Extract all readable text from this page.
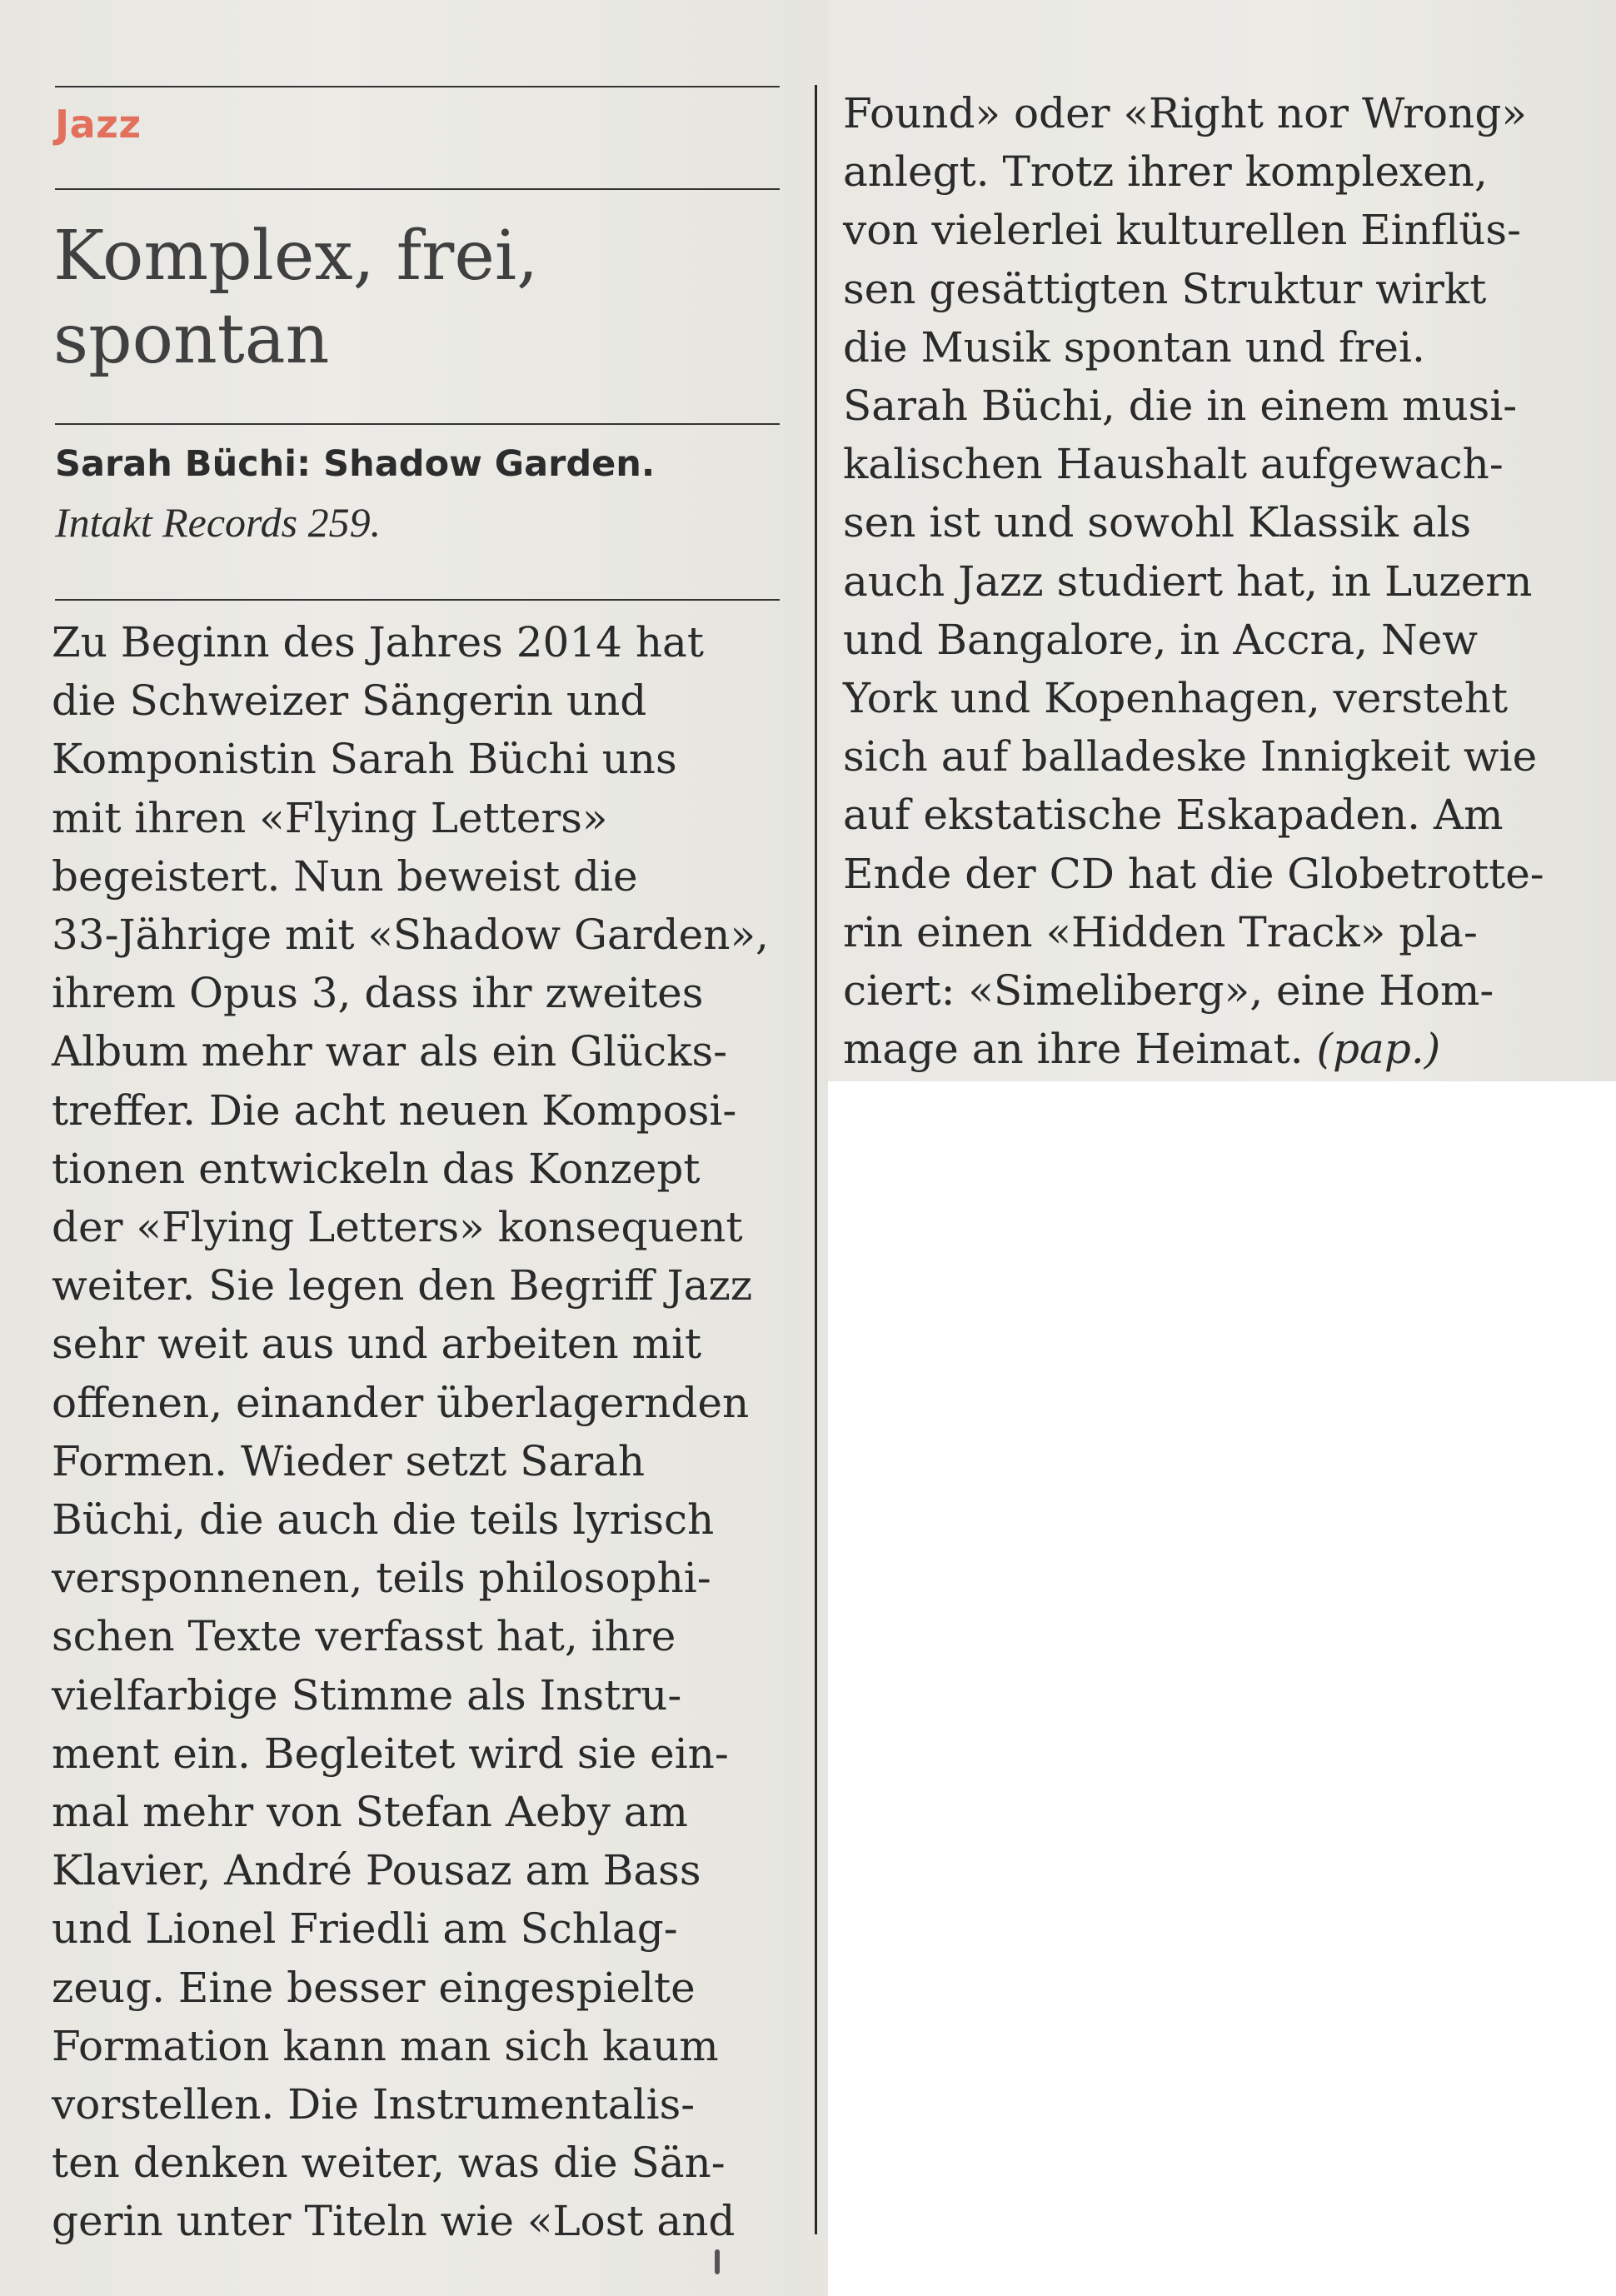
Jazz
Komplex, frei,
spontan

Sarah Büchi: Shadow Garden.

Intakt Records 259.

Zu Beginn des Jahres 2014 hat
die Schweizer Sängerin und
Komponistin Sarah Büchi uns
mit ihren «Flying Letters»
begeistert. Nun beweist die
33-Jährige mit «Shadow Garden»,
ihrem Opus 3, dass ihr zweites
Album mehr war als ein Glücks-
treffer. Die acht neuen Komposi-
tionen entwickeln das Konzept
der «Flying Letters» konsequent
weiter. Sie legen den Begriff Jazz
sehr weit aus und arbeiten mit
offenen, einander überlagernden
Formen. Wieder setzt Sarah
Büchi, die auch die teils lyrisch
versponnenen, teils philosophi-
schen Texte verfasst hat, ihre
vielfarbige Stimme als Instru-
ment ein. Begleitet wird sie ein-
mal mehr von Stefan Aeby am
Klavier, André Pousaz am Bass
und Lionel Friedli am Schlag-
zeug. Eine besser eingespielte
Formation kann man sich kaum
vorstellen. Die Instrumentalis-
ten denken weiter, was die Sän-
gerin unter Titeln wie «Lost and
Found» oder «Right nor Wrong»
anlegt. Trotz ihrer komplexen,
von vielerlei kulturellen Einflüs-
sen gesättigten Struktur wirkt
die Musik spontan und frei.
Sarah Büchi, die in einem musi-
kalischen Haushalt aufgewach-
sen ist und sowohl Klassik als
auch Jazz studiert hat, in Luzern
und Bangalore, in Accra, New
York und Kopenhagen, versteht
sich auf balladeske Innigkeit wie
auf ekstatische Eskapaden. Am
Ende der CD hat die Globetrotte-
rin einen «Hidden Track» pla-
ciert: «Simeliberg», eine Hom-
mage an ihre Heimat. (pap.)
